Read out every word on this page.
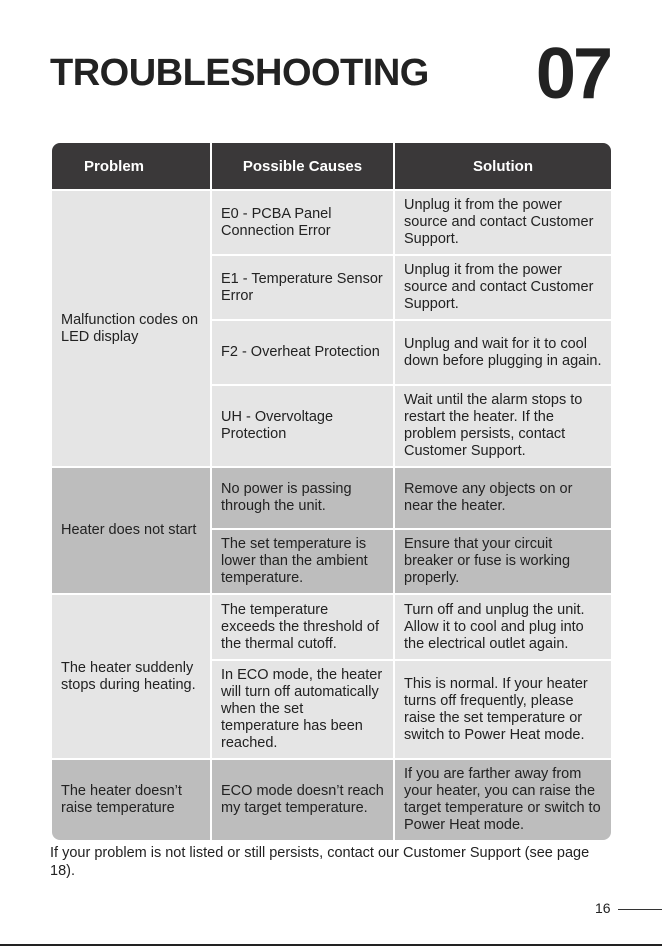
TROUBLESHOOTING 07
Problem	Possible Causes	Solution
Malfunction codes on LED display	E0 - PCBA Panel Connection Error	Unplug it from the power source and contact Customer Support.
	E1 - Temperature Sensor Error	Unplug it from the power source and contact Customer Support.
	F2 - Overheat Protection	Unplug and wait for it to cool down before plugging in again.
	UH - Overvoltage Protection	Wait until the alarm stops to restart the heater. If the problem persists, contact Customer Support.
Heater does not start	No power is passing through the unit.	Remove any objects on or near the heater.
	The set temperature is lower than the ambient temperature.	Ensure that your circuit breaker or fuse is working properly.
The heater suddenly stops during heating.	The temperature exceeds the threshold of the thermal cutoff.	Turn off and unplug the unit. Allow it to cool and plug into the electrical outlet again.
	In ECO mode, the heater will turn off automatically when the set temperature has been reached.	This is normal. If your heater turns off frequently, please raise the set temperature or switch to Power Heat mode.
The heater doesn’t raise temperature	ECO mode doesn’t reach my target temperature.	If you are farther away from your heater, you can raise the target temperature or switch to Power Heat mode.
If your problem is not listed or still persists, contact our Customer Support (see page 18).
16
